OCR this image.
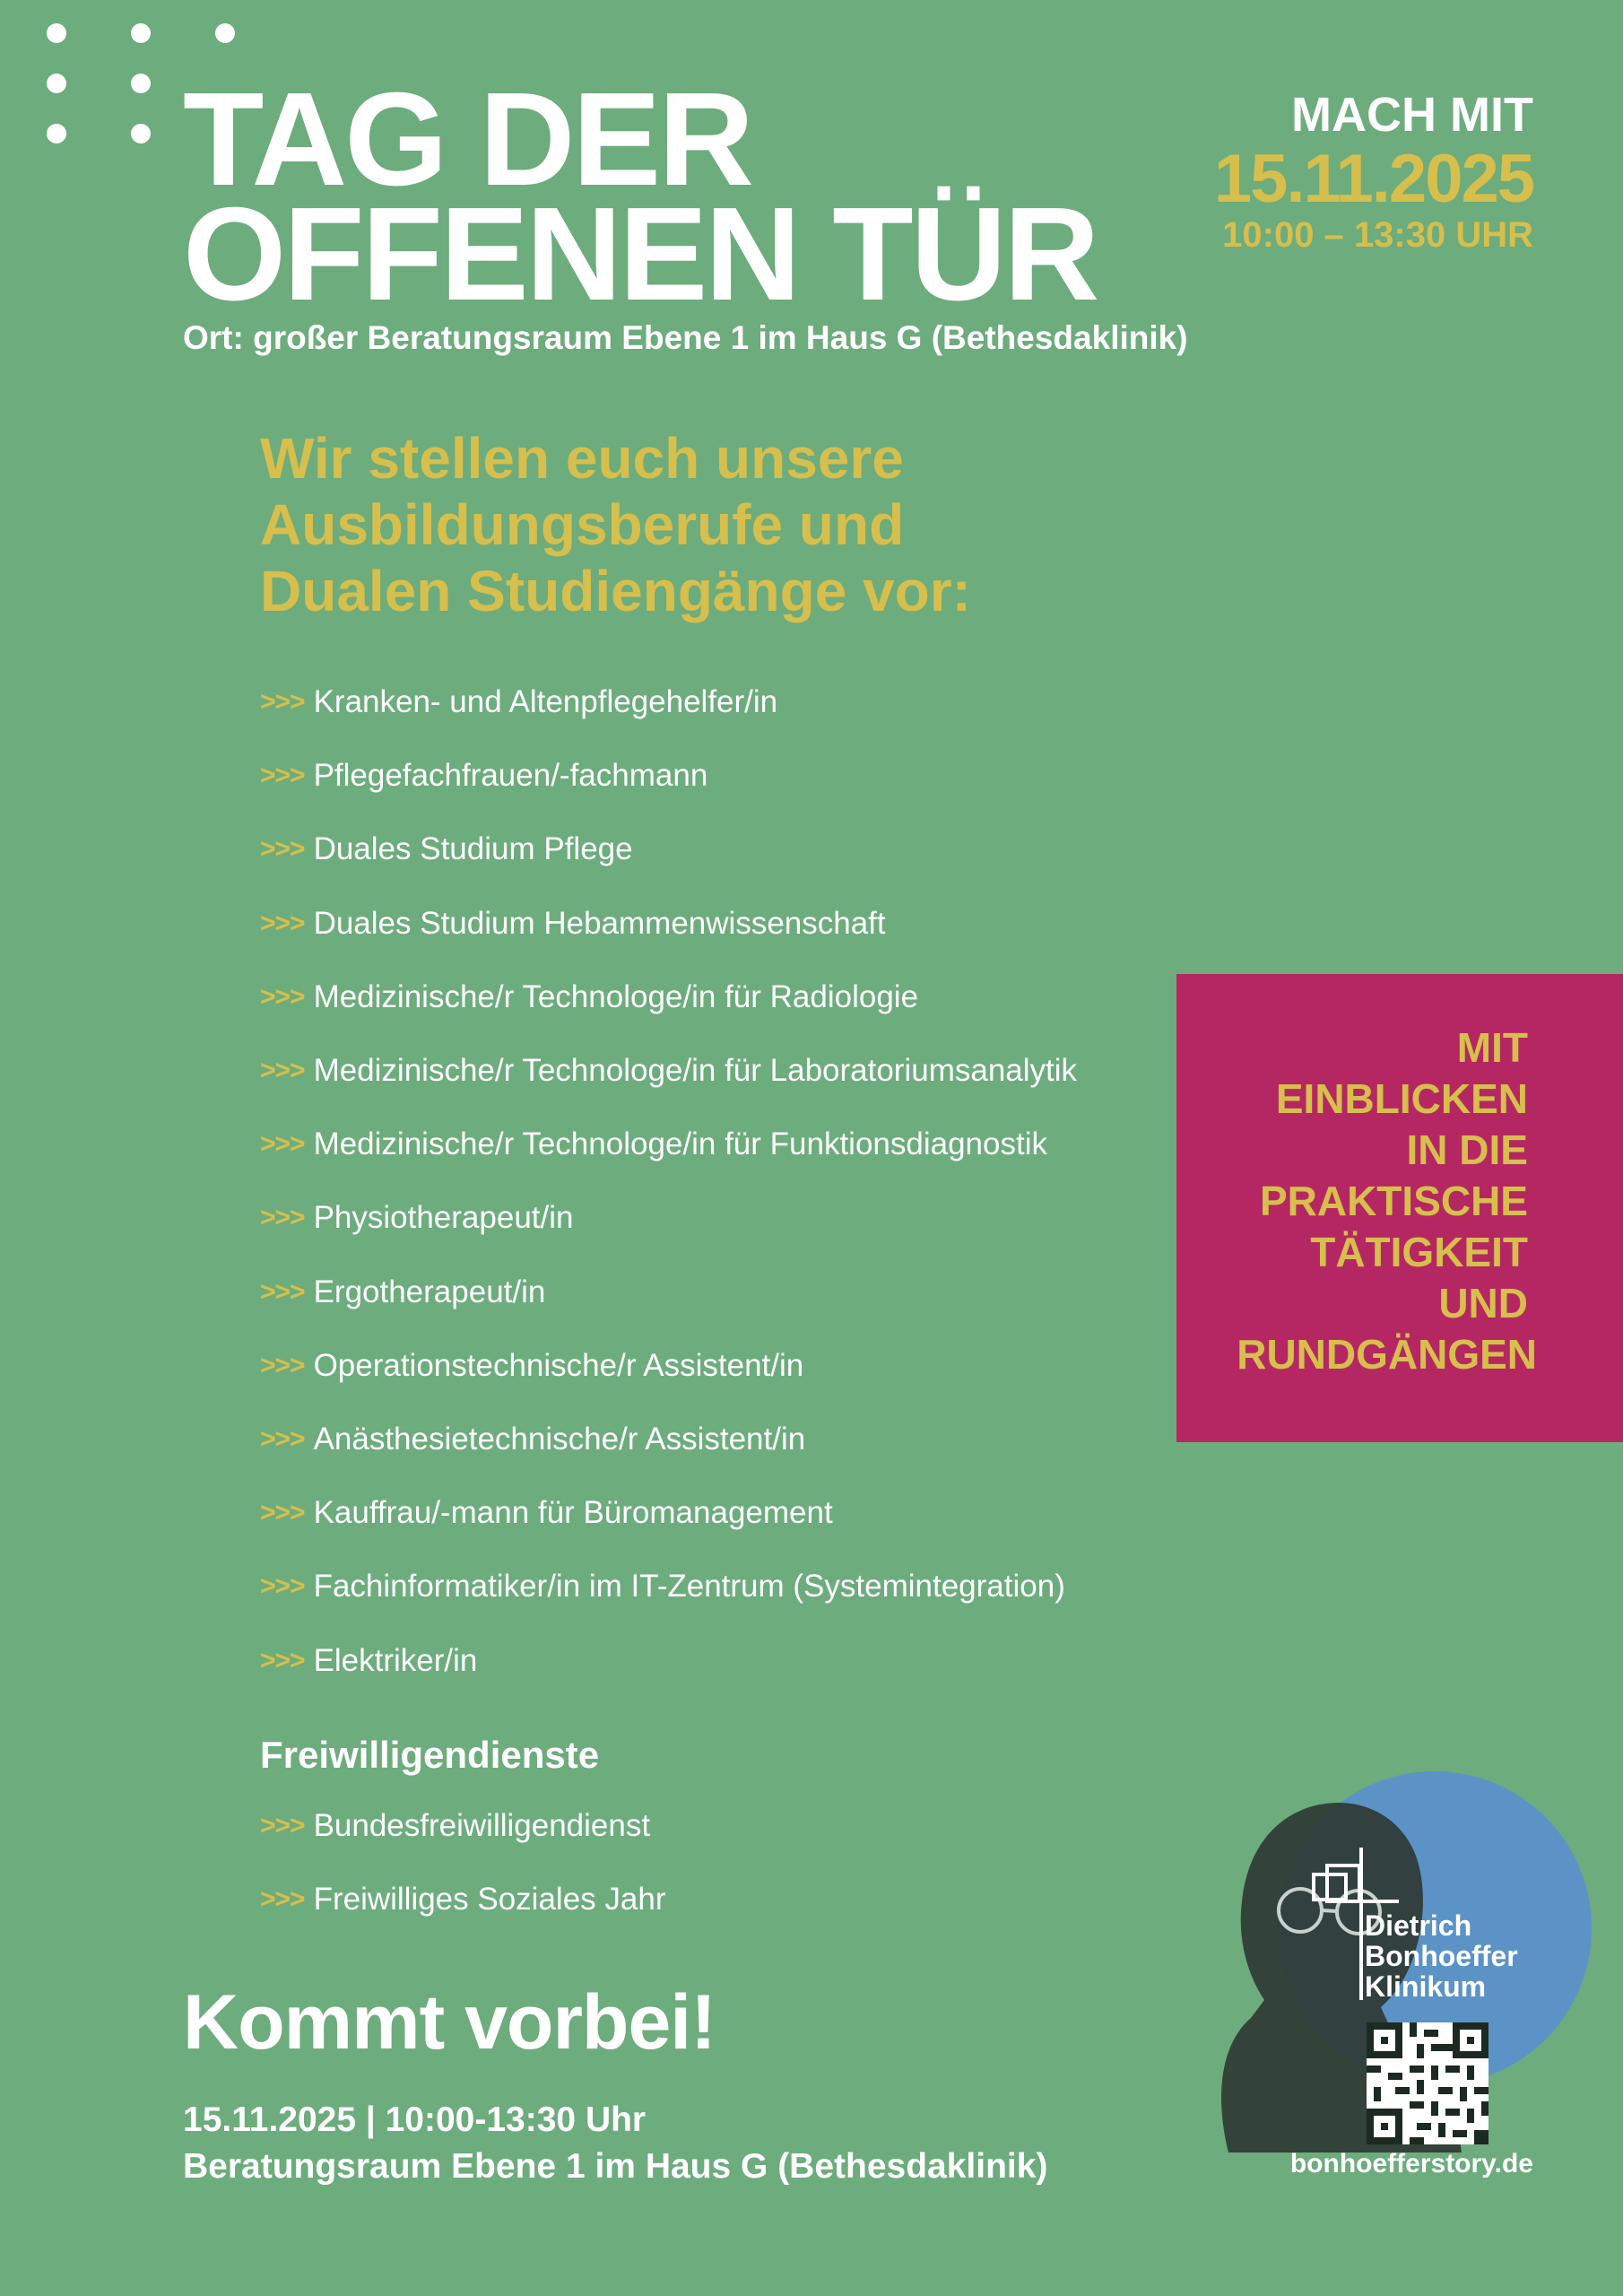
TAG DER
OFFENEN TÜR
Ort: großer Beratungsraum Ebene 1 im Haus G (Bethesdaklinik)
MACH MIT
15.11.2025
10:00 – 13:30 UHR
Wir stellen euch unsere
Ausbildungsberufe und
Dualen Studiengänge vor:
>>> Kranken- und Altenpflegehelfer/in
>>> Pflegefachfrauen/-fachmann
>>> Duales Studium Pflege
>>> Duales Studium Hebammenwissenschaft
>>> Medizinische/r Technologe/in für Radiologie
>>> Medizinische/r Technologe/in für Laboratoriumsanalytik
>>> Medizinische/r Technologe/in für Funktionsdiagnostik
>>> Physiotherapeut/in
>>> Ergotherapeut/in
>>> Operationstechnische/r Assistent/in
>>> Anästhesietechnische/r Assistent/in
>>> Kauffrau/-mann für Büromanagement
>>> Fachinformatiker/in im IT-Zentrum (Systemintegration)
>>> Elektriker/in
Freiwilligendienste
>>> Bundesfreiwilligendienst
>>> Freiwilliges Soziales Jahr
MIT
EINBLICKEN
IN DIE
PRAKTISCHE
TÄTIGKEIT
UND
RUNDGÄNGEN
Kommt vorbei!
15.11.2025 | 10:00-13:30 Uhr
Beratungsraum Ebene 1 im Haus G (Bethesdaklinik)
Dietrich
Bonhoeffer
Klinikum
bonhoefferstory.de
